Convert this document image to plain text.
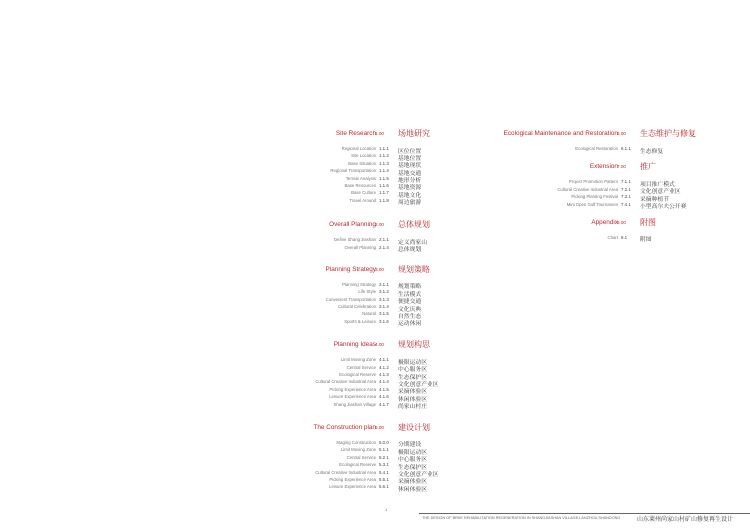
Site Research 1.00 场地研究
Regional Location 1.1.1 区位位置
Site Location 1.1.2 基地位置
Base Situation 1.1.3 基地现状
Regional Transportation 1.1.4 基地交通
Terrain Analysis 1.1.5 地形分析
Base Resources 1.1.6 基地资源
Base Culture 1.1.7 基地文化
Travel Around 1.1.8 周边旅游
Overall Planning 2.00 总体规划
Define Shang Jiashan 2.1.1 定义尚家山
Overall Planning 2.1.4 总体规划
Planning Strategy 3.00 规划策略
Planning Strategy 3.1.1 规划策略
Life Style 3.1.2 生活模式
Convenient Transportation 3.1.3 便捷交通
Cultural Celebration 3.1.4 文化庆典
Natural 3.1.5 自然生态
Sports & Leisure 3.1.6 运动休闲
Planning Ideas 4.00 规划构思
Limit Moving Zone 4.1.1 极限运动区
Central Service 4.1.2 中心服务区
Ecological Reserve 4.1.3 生态保护区
Cultural Creative Industrial Area 4.1.4 文化创意产业区
Picking Experience Area 4.1.5 采摘体验区
Leisure Experience Area 4.1.6 休闲体验区
Shang Jiashan Village 4.1.7 尚家山村庄
The Construction plan 5.00 建设计划
Staging Construction 5.0.0 分期建设
Limit Moving Zone 5.1.1 极限运动区
Central Service 5.2.1 中心服务区
Ecological Reserve 5.3.1 生态保护区
Cultural Creative Industrial Area 5.4.1 文化创意产业区
Picking Experience Area 5.5.1 采摘体验区
Leisure Experience Area 5.6.1 休闲体验区
Ecological Maintenance and Restoration 6.00 生态维护与修复
Ecological Restoration 6.1.1 生态修复
Extension 7.00 推广
Project Promotion Pattern 7.1.1 项目推广模式
Cultural Creative Industrial Area 7.2.1 文化创意产业区
Picking Planting Festival 7.3.1 采摘种植节
Mini Open Golf Tournamen 7.4.1 小型高尔夫公开赛
Appendix 8.00 附图
Chart 8.1 附图
1
THE DESIGN OF BRKE REHABILITATION REGENERATION IN SHANGJIASHAN VILLAGE,LANZHOU,SHANDONG	山东莱州尚家山村矿山修复再生设计
